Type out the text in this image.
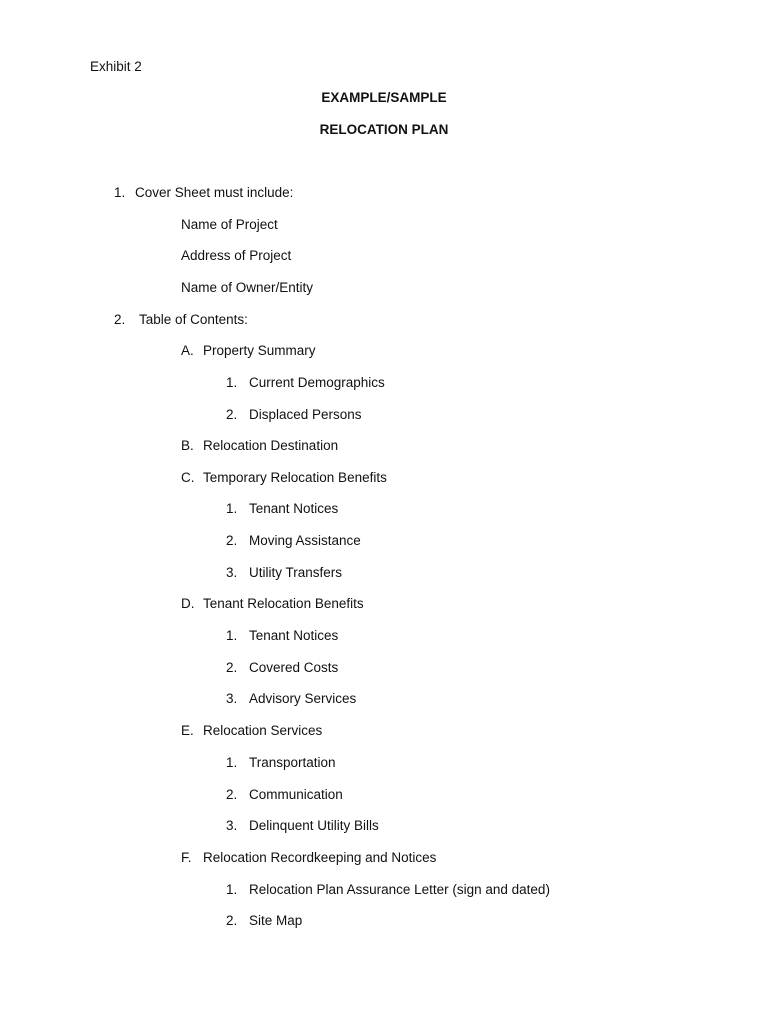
Exhibit 2
EXAMPLE/SAMPLE
RELOCATION PLAN
1. Cover Sheet must include:
Name of Project
Address of Project
Name of Owner/Entity
2. Table of Contents:
A. Property Summary
1. Current Demographics
2. Displaced Persons
B. Relocation Destination
C. Temporary Relocation Benefits
1. Tenant Notices
2. Moving Assistance
3. Utility Transfers
D. Tenant Relocation Benefits
1. Tenant Notices
2. Covered Costs
3. Advisory Services
E. Relocation Services
1. Transportation
2. Communication
3. Delinquent Utility Bills
F. Relocation Recordkeeping and Notices
1. Relocation Plan Assurance Letter (sign and dated)
2. Site Map
